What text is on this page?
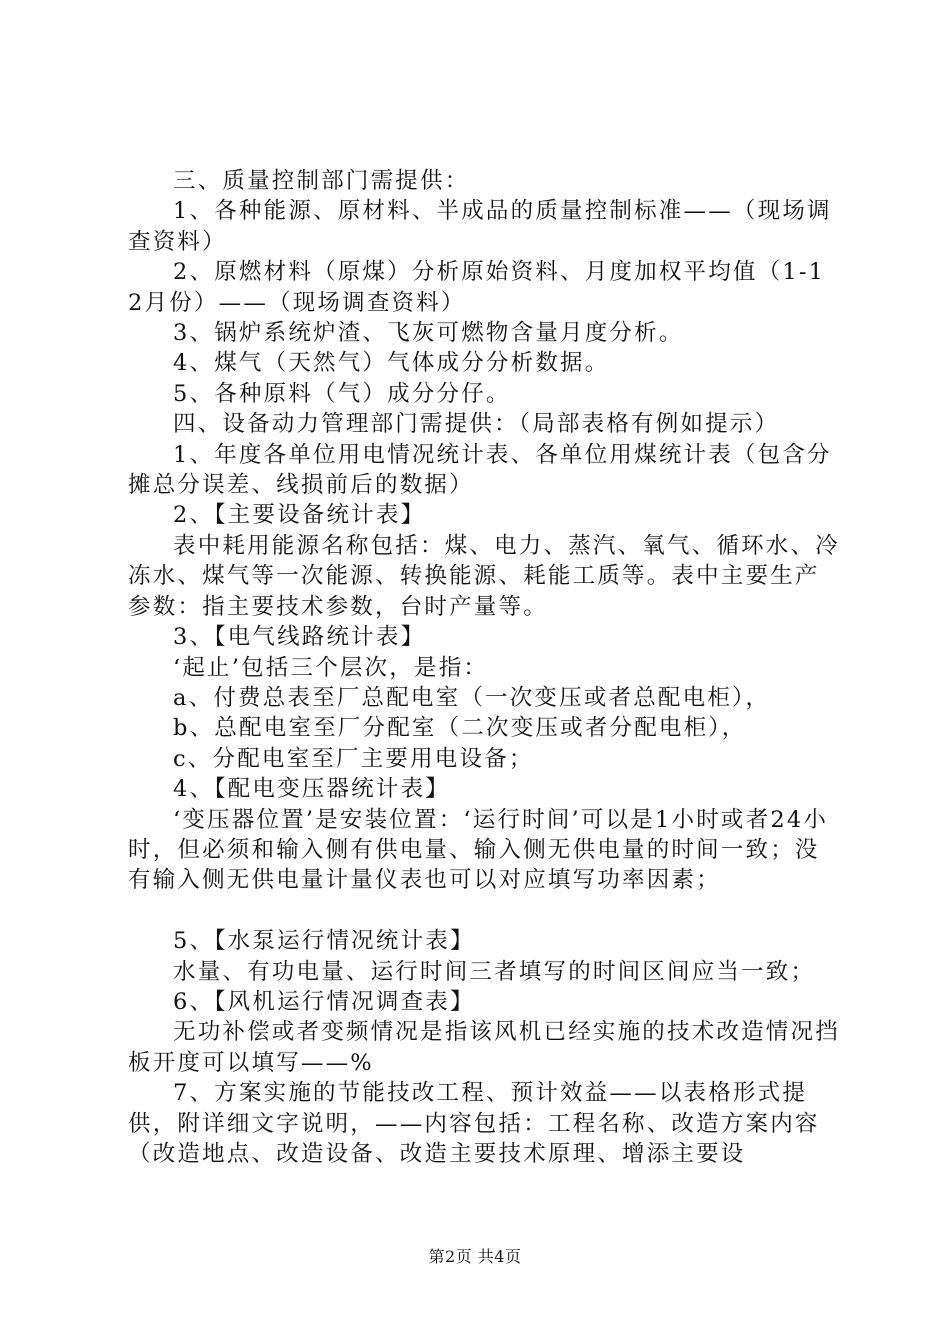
三、质量控制部门需提供：

1、各种能源、原材料、半成品的质量控制标准——（现场调查资料）

2、原燃材料（原煤）分析原始资料、月度加权平均值（1-12月份）——（现场调查资料）

3、锅炉系统炉渣、飞灰可燃物含量月度分析。

4、煤气（天然气）气体成分分析数据。

5、各种原料（气）成分分仔。

四、设备动力管理部门需提供：（局部表格有例如提示）

1、年度各单位用电情况统计表、各单位用煤统计表（包含分摊总分误差、线损前后的数据）

2、【主要设备统计表】

表中耗用能源名称包括：煤、电力、蒸汽、氧气、循环水、冷冻水、煤气等一次能源、转换能源、耗能工质等。表中主要生产参数：指主要技术参数，台时产量等。

3、【电气线路统计表】

‘起止’包括三个层次，是指：

a、付费总表至厂总配电室（一次变压或者总配电柜），

b、总配电室至厂分配室（二次变压或者分配电柜），

c、分配电室至厂主要用电设备；

4、【配电变压器统计表】

‘变压器位置’是安装位置：‘运行时间’可以是1小时或者24小时，但必须和输入侧有供电量、输入侧无供电量的时间一致；没有输入侧无供电量计量仪表也可以对应填写功率因素；

5、【水泵运行情况统计表】

水量、有功电量、运行时间三者填写的时间区间应当一致；

6、【风机运行情况调查表】

无功补偿或者变频情况是指该风机已经实施的技术改造情况挡板开度可以填写——%

7、方案实施的节能技改工程、预计效益——以表格形式提供，附详细文字说明，——内容包括：工程名称、改造方案内容（改造地点、改造设备、改造主要技术原理、增添主要设

第2页 共4页
